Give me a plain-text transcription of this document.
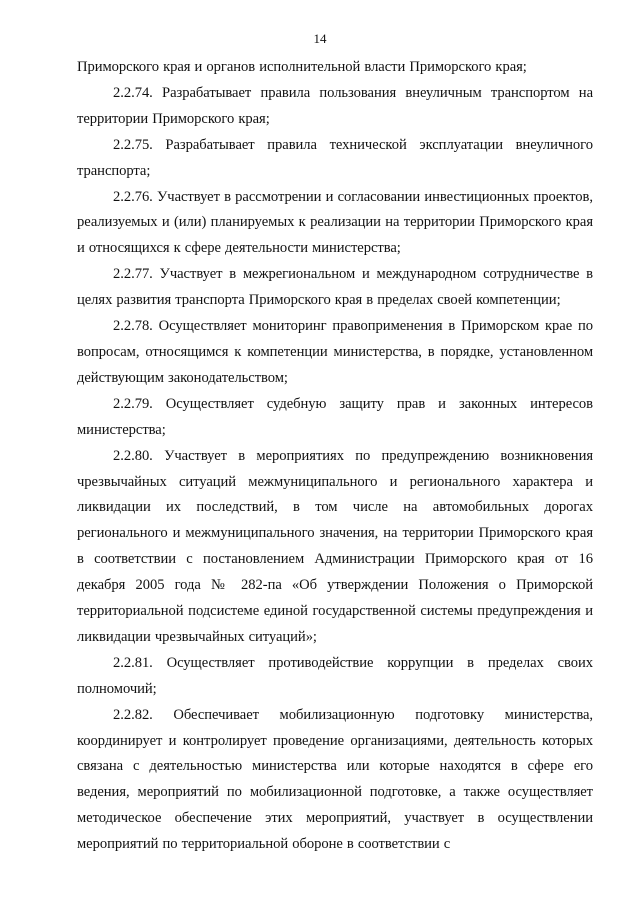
14

Приморского края и органов исполнительной власти Приморского края;

2.2.74. Разрабатывает правила пользования внеуличным транспортом на территории Приморского края;

2.2.75. Разрабатывает правила технической эксплуатации внеуличного транспорта;

2.2.76. Участвует в рассмотрении и согласовании инвестиционных проектов, реализуемых и (или) планируемых к реализации на территории Приморского края и относящихся к сфере деятельности министерства;

2.2.77. Участвует в межрегиональном и международном сотрудничестве в целях развития транспорта Приморского края в пределах своей компетенции;

2.2.78. Осуществляет мониторинг правоприменения в Приморском крае по вопросам, относящимся к компетенции министерства, в порядке, установленном действующим законодательством;

2.2.79. Осуществляет судебную защиту прав и законных интересов министерства;

2.2.80. Участвует в мероприятиях по предупреждению возникновения чрезвычайных ситуаций межмуниципального и регионального характера и ликвидации их последствий, в том числе на автомобильных дорогах регионального и межмуниципального значения, на территории Приморского края в соответствии с постановлением Администрации Приморского края от 16 декабря 2005 года № 282-па «Об утверждении Положения о Приморской территориальной подсистеме единой государственной системы предупреждения и ликвидации чрезвычайных ситуаций»;

2.2.81. Осуществляет противодействие коррупции в пределах своих полномочий;

2.2.82. Обеспечивает мобилизационную подготовку министерства, координирует и контролирует проведение организациями, деятельность которых связана с деятельностью министерства или которые находятся в сфере его ведения, мероприятий по мобилизационной подготовке, а также осуществляет методическое обеспечение этих мероприятий, участвует в осуществлении мероприятий по территориальной обороне в соответствии с
